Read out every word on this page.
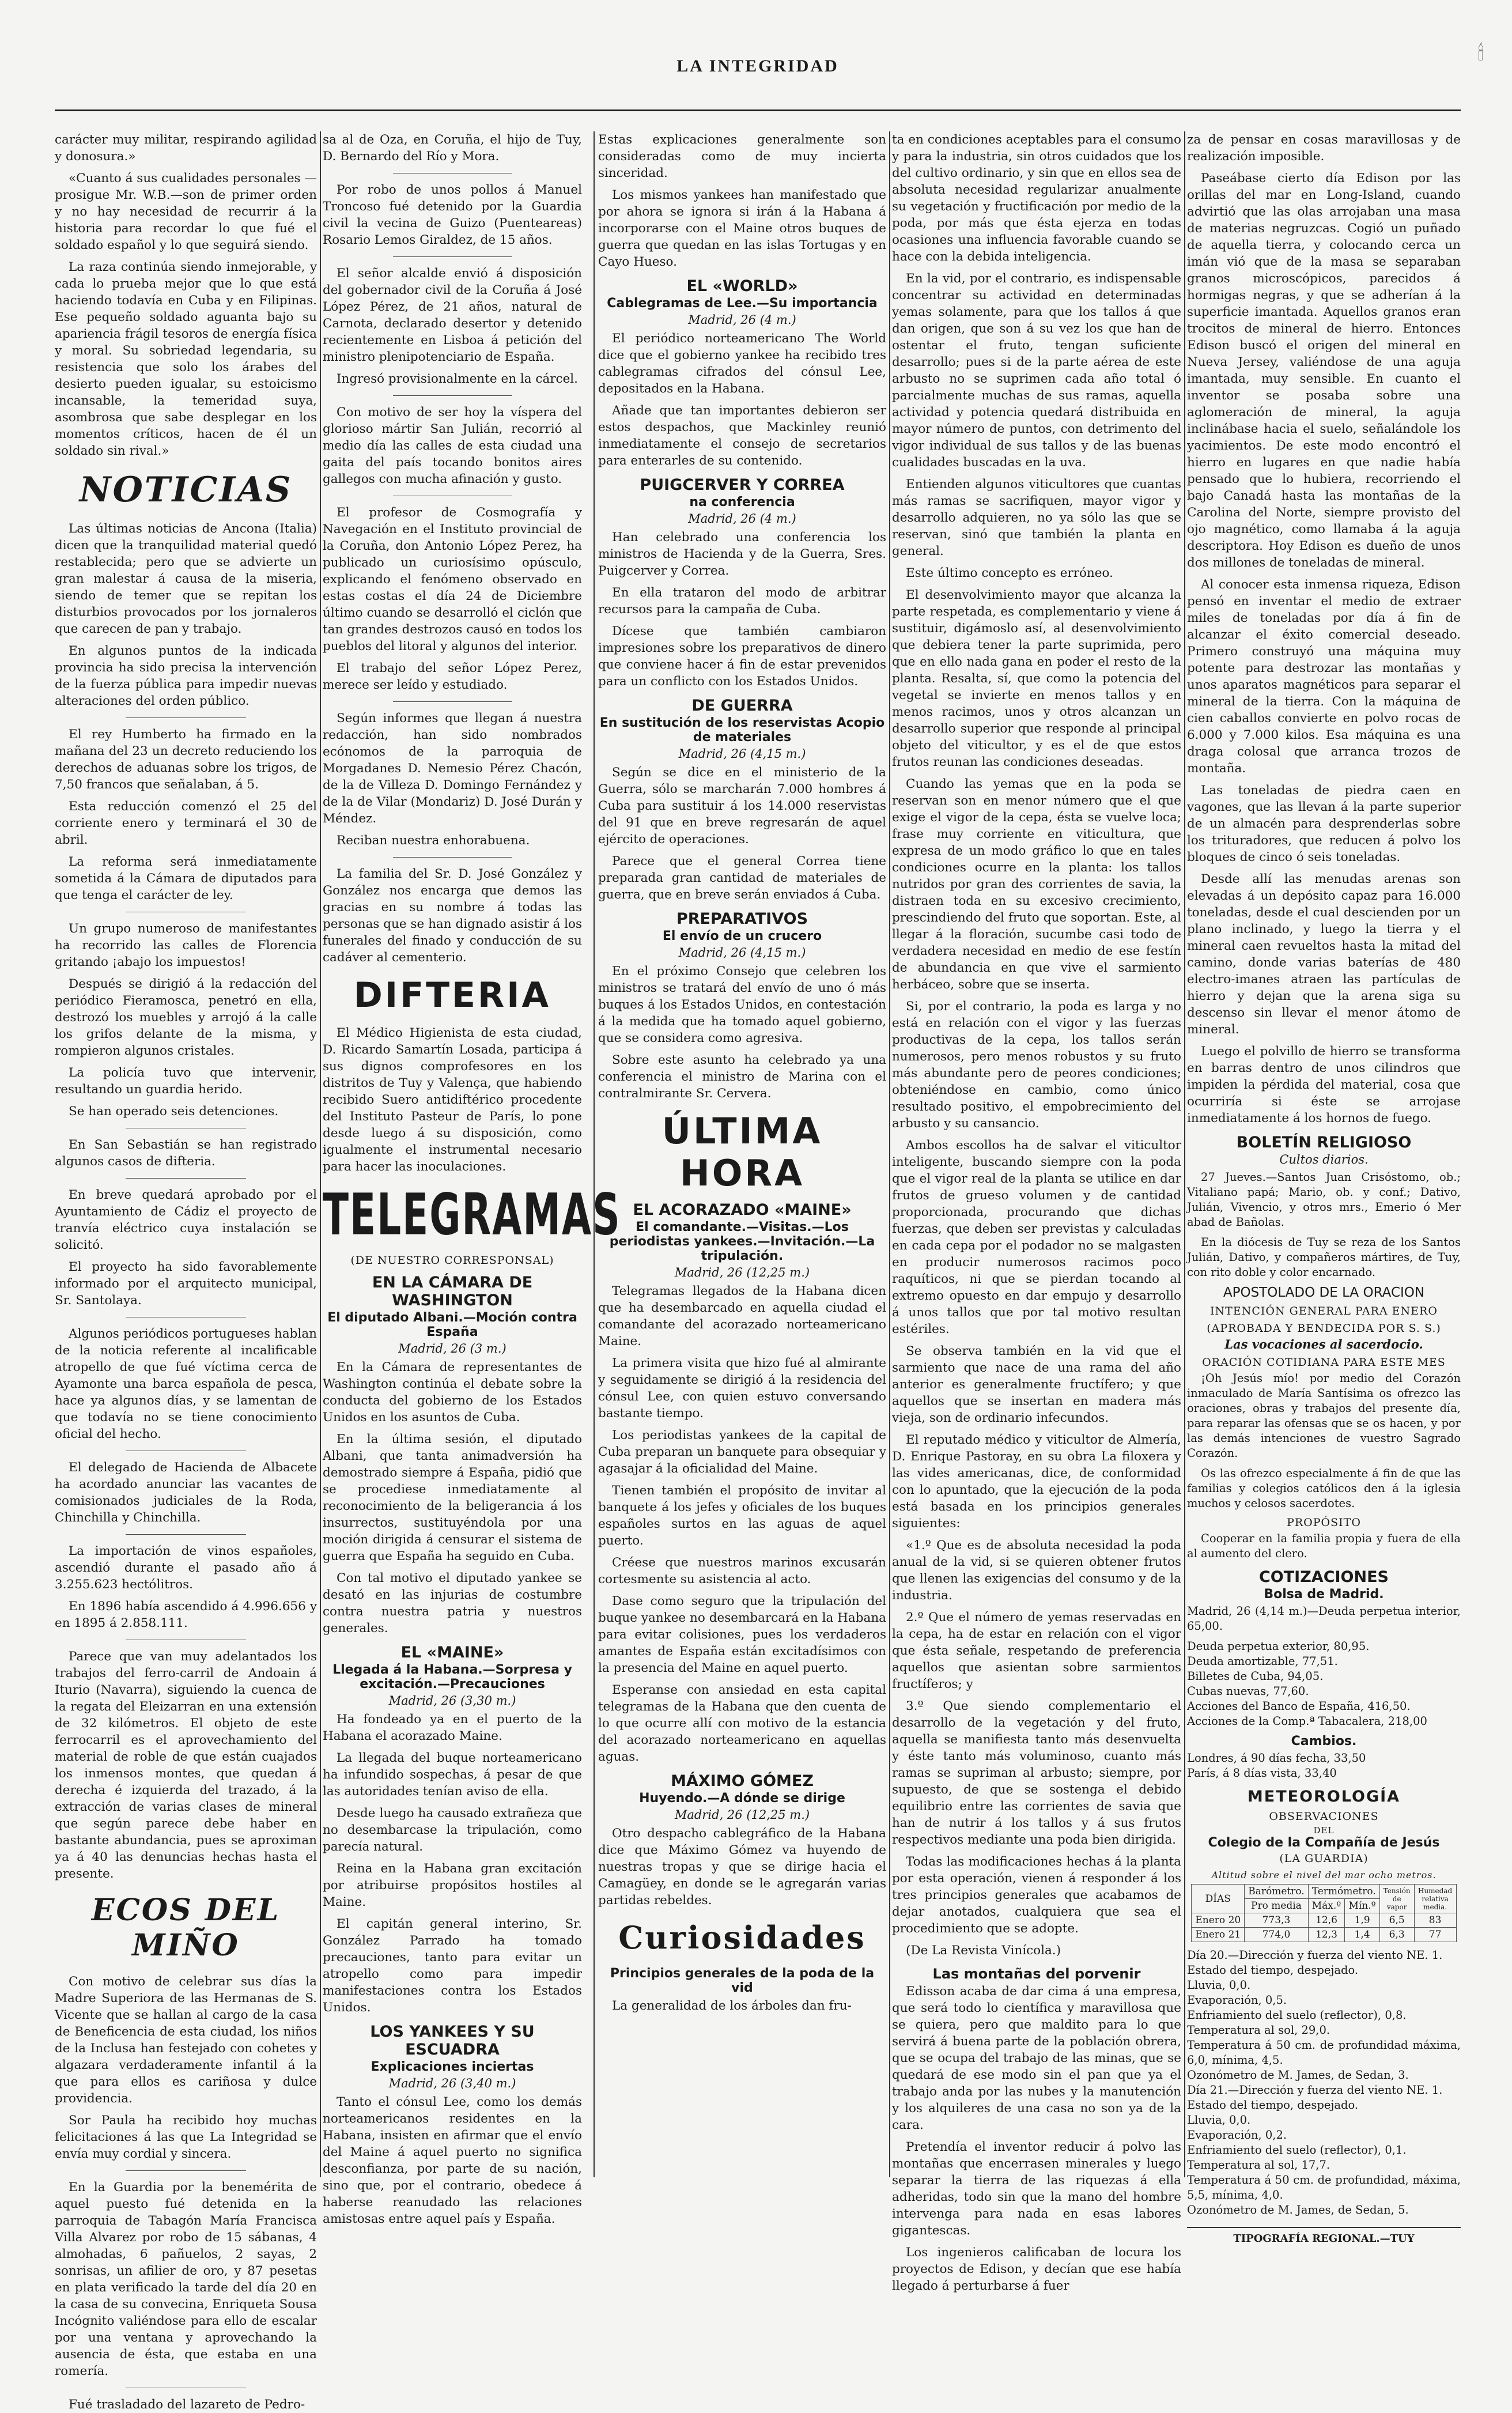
LA INTEGRIDAD
🕯

carácter muy militar, respirando agilidad y donosura.»

«Cuanto á sus cualidades personales —prosigue Mr. W.B.—son de primer orden y no hay necesidad de recurrir á la historia para recordar lo que fué el soldado español y lo que seguirá siendo.

La raza continúa siendo inmejorable, y cada lo prueba mejor que lo que está haciendo todavía en Cuba y en Filipinas. Ese pequeño soldado aguanta bajo su apariencia frágil tesoros de energía física y moral. Su sobriedad legendaria, su resistencia que solo los árabes del desierto pueden igualar, su estoicismo incansable, la temeridad suya, asombrosa que sabe desplegar en los momentos críticos, hacen de él un soldado sin rival.»

NOTICIAS

Las últimas noticias de Ancona (Italia) dicen que la tranquilidad material quedó restablecida; pero que se advierte un gran malestar á causa de la miseria, siendo de temer que se repitan los disturbios provocados por los jornaleros que carecen de pan y trabajo.

En algunos puntos de la indicada provincia ha sido precisa la intervención de la fuerza pública para impedir nuevas alteraciones del orden público.

El rey Humberto ha firmado en la mañana del 23 un decreto reduciendo los derechos de aduanas sobre los trigos, de 7,50 francos que señalaban, á 5.

Esta reducción comenzó el 25 del corriente enero y terminará el 30 de abril.

La reforma será inmediatamente sometida á la Cámara de diputados para que tenga el carácter de ley.

Un grupo numeroso de manifestantes ha recorrido las calles de Florencia gritando ¡abajo los impuestos!

Después se dirigió á la redacción del periódico Fieramosca, penetró en ella, destrozó los muebles y arrojó á la calle los grifos delante de la misma, y rompieron algunos cristales.

La policía tuvo que intervenir, resultando un guardia herido.

Se han operado seis detenciones.

En San Sebastián se han registrado algunos casos de difteria.

En breve quedará aprobado por el Ayuntamiento de Cádiz el proyecto de tranvía eléctrico cuya instalación se solicitó.

El proyecto ha sido favorablemente informado por el arquitecto municipal, Sr. Santolaya.

Algunos periódicos portugueses hablan de la noticia referente al incalificable atropello de que fué víctima cerca de Ayamonte una barca española de pesca, hace ya algunos días, y se lamentan de que todavía no se tiene conocimiento oficial del hecho.

El delegado de Hacienda de Albacete ha acordado anunciar las vacantes de comisionados judiciales de la Roda, Chinchilla y Chinchilla.

La importación de vinos españoles, ascendió durante el pasado año á 3.255.623 hectólitros.

En 1896 había ascendido á 4.996.656 y en 1895 á 2.858.111.

Parece que van muy adelantados los trabajos del ferro-carril de Andoain á Iturio (Navarra), siguiendo la cuenca de la regata del Eleizarran en una extensión de 32 kilómetros. El objeto de este ferrocarril es el aprovechamiento del material de roble de que están cuajados los inmensos montes, que quedan á derecha é izquierda del trazado, á la extracción de varias clases de mineral que según parece debe haber en bastante abundancia, pues se aproximan ya á 40 las denuncias hechas hasta el presente.

ECOS DEL MIÑO

Con motivo de celebrar sus días la Madre Superiora de las Hermanas de S. Vicente que se hallan al cargo de la casa de Beneficencia de esta ciudad, los niños de la Inclusa han festejado con cohetes y algazara verdaderamente infantil á la que para ellos es cariñosa y dulce providencia.

Sor Paula ha recibido hoy muchas felicitaciones á las que La Integridad se envía muy cordial y sincera.

En la Guardia por la benemérita de aquel puesto fué detenida en la parroquia de Tabagón María Francisca Villa Alvarez por robo de 15 sábanas, 4 almohadas, 6 pañuelos, 2 sayas, 2 sonrisas, un afilier de oro, y 87 pesetas en plata verificado la tarde del día 20 en la casa de su convecina, Enriqueta Sousa Incógnito valiéndose para ello de escalar por una ventana y aprovechando la ausencia de ésta, que estaba en una romería.

Fué trasladado del lazareto de Pedro-

sa al de Oza, en Coruña, el hijo de Tuy, D. Bernardo del Río y Mora.

Por robo de unos pollos á Manuel Troncoso fué detenido por la Guardia civil la vecina de Guizo (Puenteareas) Rosario Lemos Giraldez, de 15 años.

El señor alcalde envió á disposición del gobernador civil de la Coruña á José López Pérez, de 21 años, natural de Carnota, declarado desertor y detenido recientemente en Lisboa á petición del ministro plenipotenciario de España.

Ingresó provisionalmente en la cárcel.

Con motivo de ser hoy la víspera del glorioso mártir San Julián, recorrió al medio día las calles de esta ciudad una gaita del país tocando bonitos aires gallegos con mucha afinación y gusto.

El profesor de Cosmografía y Navegación en el Instituto provincial de la Coruña, don Antonio López Perez, ha publicado un curiosísimo opúsculo, explicando el fenómeno observado en estas costas el día 24 de Diciembre último cuando se desarrolló el ciclón que tan grandes destrozos causó en todos los pueblos del litoral y algunos del interior.

El trabajo del señor López Perez, merece ser leído y estudiado.

Según informes que llegan á nuestra redacción, han sido nombrados ecónomos de la parroquia de Morgadanes D. Nemesio Pérez Chacón, de la de Villeza D. Domingo Fernández y de la de Vilar (Mondariz) D. José Durán y Méndez.

Reciban nuestra enhorabuena.

La familia del Sr. D. José González y González nos encarga que demos las gracias en su nombre á todas las personas que se han dignado asistir á los funerales del finado y conducción de su cadáver al cementerio.

DIFTERIA

El Médico Higienista de esta ciudad, D. Ricardo Samartín Losada, participa á sus dignos comprofesores en los distritos de Tuy y Valença, que habiendo recibido Suero antidiftérico procedente del Instituto Pasteur de París, lo pone desde luego á su disposición, como igualmente el instrumental necesario para hacer las inoculaciones.

TELEGRAMAS
(DE NUESTRO CORRESPONSAL)
EN LA CÁMARA DE WASHINGTON
El diputado Albani.—Moción contra España
Madrid, 26 (3 m.)

En la Cámara de representantes de Washington continúa el debate sobre la conducta del gobierno de los Estados Unidos en los asuntos de Cuba.

En la última sesión, el diputado Albani, que tanta animadversión ha demostrado siempre á España, pidió que se procediese inmediatamente al reconocimiento de la beligerancia á los insurrectos, sustituyéndola por una moción dirigida á censurar el sistema de guerra que España ha seguido en Cuba.

Con tal motivo el diputado yankee se desató en las injurias de costumbre contra nuestra patria y nuestros generales.

EL «MAINE»
Llegada á la Habana.—Sorpresa y excitación.—Precauciones
Madrid, 26 (3,30 m.)

Ha fondeado ya en el puerto de la Habana el acorazado Maine.

La llegada del buque norteamericano ha infundido sospechas, á pesar de que las autoridades tenían aviso de ella.

Desde luego ha causado extrañeza que no desembarcase la tripulación, como parecía natural.

Reina en la Habana gran excitación por atribuirse propósitos hostiles al Maine.

El capitán general interino, Sr. González Parrado ha tomado precauciones, tanto para evitar un atropello como para impedir manifestaciones contra los Estados Unidos.

LOS YANKEES Y SU ESCUADRA
Explicaciones inciertas
Madrid, 26 (3,40 m.)

Tanto el cónsul Lee, como los demás norteamericanos residentes en la Habana, insisten en afirmar que el envío del Maine á aquel puerto no significa desconfianza, por parte de su nación, sino que, por el contrario, obedece á haberse reanudado las relaciones amistosas entre aquel país y España.

Estas explicaciones generalmente son consideradas como de muy incierta sinceridad.

Los mismos yankees han manifestado que por ahora se ignora si irán á la Habana á incorporarse con el Maine otros buques de guerra que quedan en las islas Tortugas y en Cayo Hueso.

EL «WORLD»
Cablegramas de Lee.—Su importancia
Madrid, 26 (4 m.)

El periódico norteamericano The World dice que el gobierno yankee ha recibido tres cablegramas cifrados del cónsul Lee, depositados en la Habana.

Añade que tan importantes debieron ser estos despachos, que Mackinley reunió inmediatamente el consejo de secretarios para enterarles de su contenido.

PUIGCERVER Y CORREA
na conferencia
Madrid, 26 (4 m.)

Han celebrado una conferencia los ministros de Hacienda y de la Guerra, Sres. Puigcerver y Correa.

En ella trataron del modo de arbitrar recursos para la campaña de Cuba.

Dícese que también cambiaron impresiones sobre los preparativos de dinero que conviene hacer á fin de estar prevenidos para un conflicto con los Estados Unidos.

DE GUERRA
En sustitución de los reservistas Acopio de materiales
Madrid, 26 (4,15 m.)

Según se dice en el ministerio de la Guerra, sólo se marcharán 7.000 hombres á Cuba para sustituir á los 14.000 reservistas del 91 que en breve regresarán de aquel ejército de operaciones.

Parece que el general Correa tiene preparada gran cantidad de materiales de guerra, que en breve serán enviados á Cuba.

PREPARATIVOS
El envío de un crucero
Madrid, 26 (4,15 m.)

En el próximo Consejo que celebren los ministros se tratará del envío de uno ó más buques á los Estados Unidos, en contestación á la medida que ha tomado aquel gobierno, que se considera como agresiva.

Sobre este asunto ha celebrado ya una conferencia el ministro de Marina con el contralmirante Sr. Cervera.

ÚLTIMA HORA
EL ACORAZADO «MAINE»
El comandante.—Visitas.—Los periodistas yankees.—Invitación.—La tripulación.
Madrid, 26 (12,25 m.)

Telegramas llegados de la Habana dicen que ha desembarcado en aquella ciudad el comandante del acorazado norteamericano Maine.

La primera visita que hizo fué al almirante y seguidamente se dirigió á la residencia del cónsul Lee, con quien estuvo conversando bastante tiempo.

Los periodistas yankees de la capital de Cuba preparan un banquete para obsequiar y agasajar á la oficialidad del Maine.

Tienen también el propósito de invitar al banquete á los jefes y oficiales de los buques españoles surtos en las aguas de aquel puerto.

Créese que nuestros marinos excusarán cortesmente su asistencia al acto.

Dase como seguro que la tripulación del buque yankee no desembarcará en la Habana para evitar colisiones, pues los verdaderos amantes de España están excitadísimos con la presencia del Maine en aquel puerto.

Esperanse con ansiedad en esta capital telegramas de la Habana que den cuenta de lo que ocurre allí con motivo de la estancia del acorazado norteamericano en aquellas aguas.

MÁXIMO GÓMEZ
Huyendo.—A dónde se dirige
Madrid, 26 (12,25 m.)

Otro despacho cablegráfico de la Habana dice que Máximo Gómez va huyendo de nuestras tropas y que se dirige hacia el Camagüey, en donde se le agregarán varias partidas rebeldes.

Curiosidades
Principios generales de la poda de la vid

La generalidad de los árboles dan fru-

ta en condiciones aceptables para el consumo y para la industria, sin otros cuidados que los del cultivo ordinario, y sin que en ellos sea de absoluta necesidad regularizar anualmente su vegetación y fructificación por medio de la poda, por más que ésta ejerza en todas ocasiones una influencia favorable cuando se hace con la debida inteligencia.

En la vid, por el contrario, es indispensable concentrar su actividad en determinadas yemas solamente, para que los tallos á que dan origen, que son á su vez los que han de ostentar el fruto, tengan suficiente desarrollo; pues si de la parte aérea de este arbusto no se suprimen cada año total ó parcialmente muchas de sus ramas, aquella actividad y potencia quedará distribuida en mayor número de puntos, con detrimento del vigor individual de sus tallos y de las buenas cualidades buscadas en la uva.

Entienden algunos viticultores que cuantas más ramas se sacrifiquen, mayor vigor y desarrollo adquieren, no ya sólo las que se reservan, sinó que también la planta en general.

Este último concepto es erróneo.

El desenvolvimiento mayor que alcanza la parte respetada, es complementario y viene á sustituir, digámoslo así, al desenvolvimiento que debiera tener la parte suprimida, pero que en ello nada gana en poder el resto de la planta. Resalta, sí, que como la potencia del vegetal se invierte en menos tallos y en menos racimos, unos y otros alcanzan un desarrollo superior que responde al principal objeto del viticultor, y es el de que estos frutos reunan las condiciones deseadas.

Cuando las yemas que en la poda se reservan son en menor número que el que exige el vigor de la cepa, ésta se vuelve loca; frase muy corriente en viticultura, que expresa de un modo gráfico lo que en tales condiciones ocurre en la planta: los tallos nutridos por gran des corrientes de savia, la distraen toda en su excesivo crecimiento, prescindiendo del fruto que soportan. Este, al llegar á la floración, sucumbe casi todo de verdadera necesidad en medio de ese festín de abundancia en que vive el sarmiento herbáceo, sobre que se inserta.

Si, por el contrario, la poda es larga y no está en relación con el vigor y las fuerzas productivas de la cepa, los tallos serán numerosos, pero menos robustos y su fruto más abundante pero de peores condiciones; obteniéndose en cambio, como único resultado positivo, el empobrecimiento del arbusto y su cansancio.

Ambos escollos ha de salvar el viticultor inteligente, buscando siempre con la poda que el vigor real de la planta se utilice en dar frutos de grueso volumen y de cantidad proporcionada, procurando que dichas fuerzas, que deben ser previstas y calculadas en cada cepa por el podador no se malgasten en producir numerosos racimos poco raquíticos, ni que se pierdan tocando al extremo opuesto en dar empujo y desarrollo á unos tallos que por tal motivo resultan estériles.

Se observa también en la vid que el sarmiento que nace de una rama del año anterior es generalmente fructífero; y que aquellos que se insertan en madera más vieja, son de ordinario infecundos.

El reputado médico y viticultor de Almería, D. Enrique Pastoray, en su obra La filoxera y las vides americanas, dice, de conformidad con lo apuntado, que la ejecución de la poda está basada en los principios generales siguientes:

«1.º Que es de absoluta necesidad la poda anual de la vid, si se quieren obtener frutos que llenen las exigencias del consumo y de la industria.

2.º Que el número de yemas reservadas en la cepa, ha de estar en relación con el vigor que ésta señale, respetando de preferencia aquellos que asientan sobre sarmientos fructíferos; y

3.º Que siendo complementario el desarrollo de la vegetación y del fruto, aquella se manifiesta tanto más desenvuelta y éste tanto más voluminoso, cuanto más ramas se supriman al arbusto; siempre, por supuesto, de que se sostenga el debido equilibrio entre las corrientes de savia que han de nutrir á los tallos y á sus frutos respectivos mediante una poda bien dirigida.

Todas las modificaciones hechas á la planta por esta operación, vienen á responder á los tres principios generales que acabamos de dejar anotados, cualquiera que sea el procedimiento que se adopte.

(De La Revista Vinícola.)

Las montañas del porvenir

Edisson acaba de dar cima á una empresa, que será todo lo científica y maravillosa que se quiera, pero que maldito para lo que servirá á buena parte de la población obrera, que se ocupa del trabajo de las minas, que se quedará de ese modo sin el pan que ya el trabajo anda por las nubes y la manutención y los alquileres de una casa no son ya de la cara.

Pretendía el inventor reducir á polvo las montañas que encerrasen minerales y luego separar la tierra de las riquezas á ella adheridas, todo sin que la mano del hombre intervenga para nada en esas labores gigantescas.

Los ingenieros calificaban de locura los proyectos de Edison, y decían que ese había llegado á perturbarse á fuer

za de pensar en cosas maravillosas y de realización imposible.

Paseábase cierto día Edison por las orillas del mar en Long-Island, cuando advirtió que las olas arrojaban una masa de materias negruzcas. Cogió un puñado de aquella tierra, y colocando cerca un imán vió que de la masa se separaban granos microscópicos, parecidos á hormigas negras, y que se adherían á la superficie imantada. Aquellos granos eran trocitos de mineral de hierro. Entonces Edison buscó el origen del mineral en Nueva Jersey, valiéndose de una aguja imantada, muy sensible. En cuanto el inventor se posaba sobre una aglomeración de mineral, la aguja inclinábase hacia el suelo, señalándole los yacimientos. De este modo encontró el hierro en lugares en que nadie había pensado que lo hubiera, recorriendo el bajo Canadá hasta las montañas de la Carolina del Norte, siempre provisto del ojo magnético, como llamaba á la aguja descriptora. Hoy Edison es dueño de unos dos millones de toneladas de mineral.

Al conocer esta inmensa riqueza, Edison pensó en inventar el medio de extraer miles de toneladas por día á fin de alcanzar el éxito comercial deseado. Primero construyó una máquina muy potente para destrozar las montañas y unos aparatos magnéticos para separar el mineral de la tierra. Con la máquina de cien caballos convierte en polvo rocas de 6.000 y 7.000 kilos. Esa máquina es una draga colosal que arranca trozos de montaña.

Las toneladas de piedra caen en vagones, que las llevan á la parte superior de un almacén para desprenderlas sobre los trituradores, que reducen á polvo los bloques de cinco ó seis toneladas.

Desde allí las menudas arenas son elevadas á un depósito capaz para 16.000 toneladas, desde el cual descienden por un plano inclinado, y luego la tierra y el mineral caen revueltos hasta la mitad del camino, donde varias baterías de 480 electro-imanes atraen las partículas de hierro y dejan que la arena siga su descenso sin llevar el menor átomo de mineral.

Luego el polvillo de hierro se transforma en barras dentro de unos cilindros que impiden la pérdida del material, cosa que ocurriría si éste se arrojase inmediatamente á los hornos de fuego.

BOLETÍN RELIGIOSO
Cultos diarios.

27 Jueves.—Santos Juan Crisóstomo, ob.; Vitaliano papá; Mario, ob. y conf.; Dativo, Julián, Vivencio, y otros mrs., Emerio ó Mer abad de Bañolas.

En la diócesis de Tuy se reza de los Santos Julián, Dativo, y compañeros mártires, de Tuy, con rito doble y color encarnado.

APOSTOLADO DE LA ORACION
INTENCIÓN GENERAL PARA ENERO
(APROBADA Y BENDECIDA POR S. S.)
Las vocaciones al sacerdocio.
ORACIÓN COTIDIANA PARA ESTE MES

¡Oh Jesús mío! por medio del Corazón inmaculado de María Santísima os ofrezco las oraciones, obras y trabajos del presente día, para reparar las ofensas que se os hacen, y por las demás intenciones de vuestro Sagrado Corazón.

Os las ofrezco especialmente á fin de que las familias y colegios católicos den á la iglesia muchos y celosos sacerdotes.

PROPÓSITO

Cooperar en la familia propia y fuera de ella al aumento del clero.

COTIZACIONES
Bolsa de Madrid.

Madrid, 26 (4,14 m.)—Deuda perpetua interior, 65,00.

Deuda perpetua exterior, 80,95.

Deuda amortizable, 77,51.

Billetes de Cuba, 94,05.

Cubas nuevas, 77,60.

Acciones del Banco de España, 416,50.

Acciones de la Comp.ª Tabacalera, 218,00

Cambios.

Londres, á 90 días fecha, 33,50

París, á 8 días vista, 33,40

METEOROLOGÍA
OBSERVACIONES
DEL
Colegio de la Compañía de Jesús
(LA GUARDIA)
Altitud sobre el nivel del mar ocho metros.
DÍAS	Barómetro.	Termómetro.		Tensión de vapor	Humedad relativa media.
	Pro media	Máx.º	Mín.º		
Enero 20	773,3	12,6	1,9	6,5	83
Enero 21	774,0	12,3	1,4	6,3	77

Día 20.—Dirección y fuerza del viento NE. 1.

Estado del tiempo, despejado.

Lluvia, 0,0.

Evaporación, 0,5.

Enfriamiento del suelo (reflector), 0,8.

Temperatura al sol, 29,0.

Temperatura á 50 cm. de profundidad máxima, 6,0, mínima, 4,5.

Ozonómetro de M. James, de Sedan, 3.

Día 21.—Dirección y fuerza del viento NE. 1.

Estado del tiempo, despejado.

Lluvia, 0,0.

Evaporación, 0,2.

Enfriamiento del suelo (reflector), 0,1.

Temperatura al sol, 17,7.

Temperatura á 50 cm. de profundidad, máxima, 5,5, mínima, 4,0.

Ozonómetro de M. James, de Sedan, 5.

TIPOGRAFÍA REGIONAL.—TUY
